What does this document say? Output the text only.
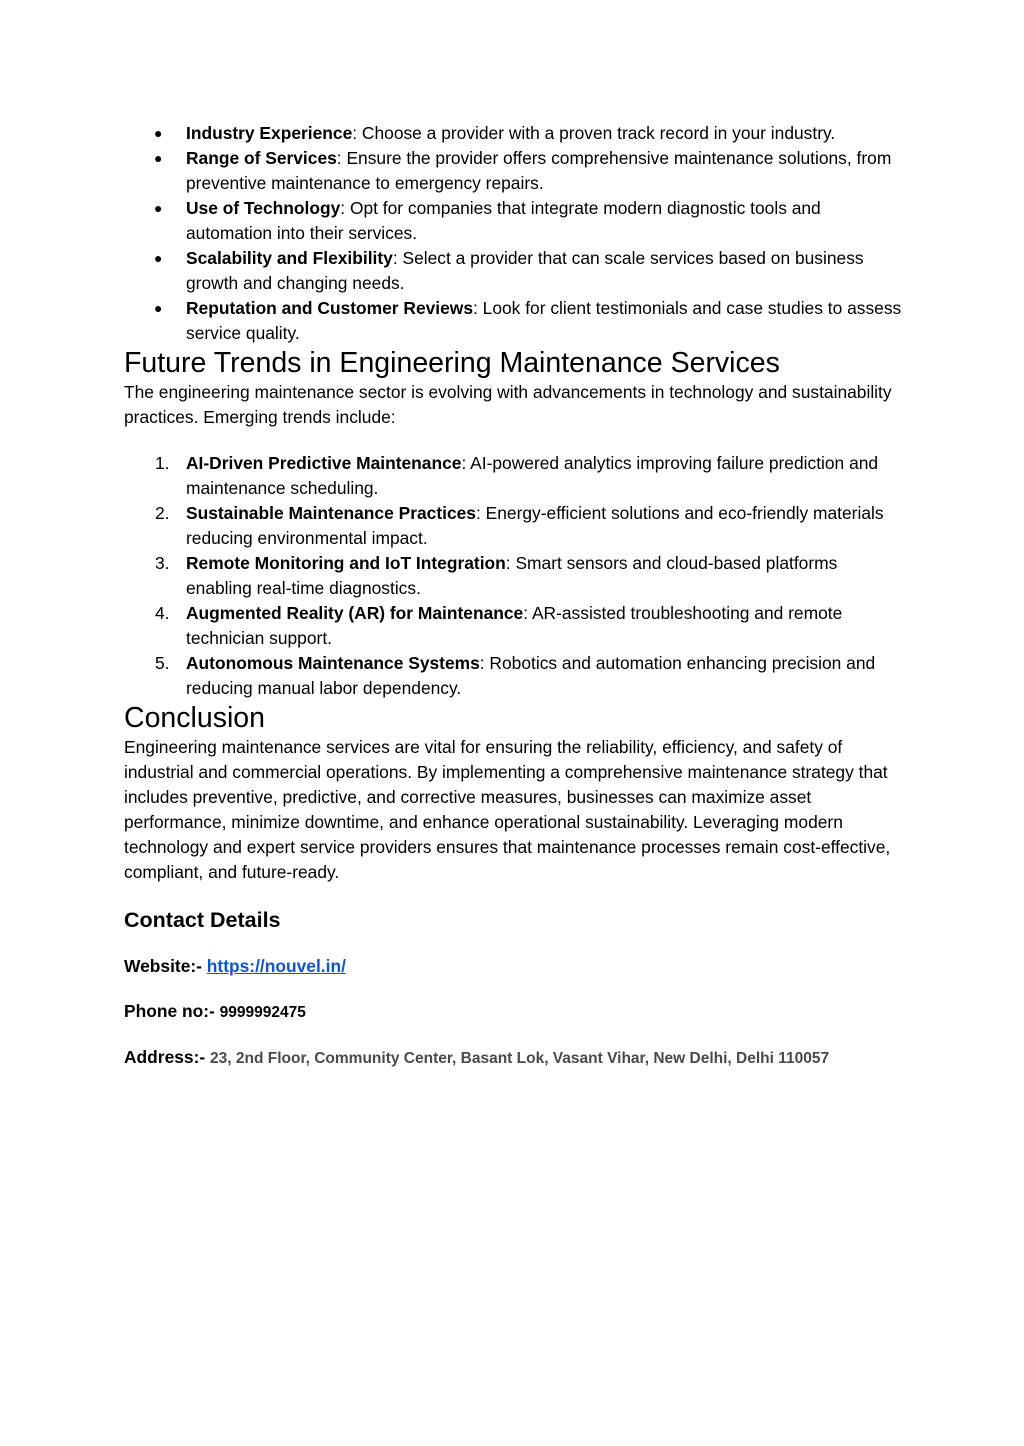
● Industry Experience: Choose a provider with a proven track record in your industry.
● Range of Services: Ensure the provider offers comprehensive maintenance solutions, from preventive maintenance to emergency repairs.
● Use of Technology: Opt for companies that integrate modern diagnostic tools and automation into their services.
● Scalability and Flexibility: Select a provider that can scale services based on business growth and changing needs.
● Reputation and Customer Reviews: Look for client testimonials and case studies to assess service quality.
Future Trends in Engineering Maintenance Services

The engineering maintenance sector is evolving with advancements in technology and sustainability practices. Emerging trends include:

1. AI-Driven Predictive Maintenance: AI-powered analytics improving failure prediction and maintenance scheduling.
2. Sustainable Maintenance Practices: Energy-efficient solutions and eco-friendly materials reducing environmental impact.
3. Remote Monitoring and IoT Integration: Smart sensors and cloud-based platforms enabling real-time diagnostics.
4. Augmented Reality (AR) for Maintenance: AR-assisted troubleshooting and remote technician support.
5. Autonomous Maintenance Systems: Robotics and automation enhancing precision and reducing manual labor dependency.
Conclusion

Engineering maintenance services are vital for ensuring the reliability, efficiency, and safety of industrial and commercial operations. By implementing a comprehensive maintenance strategy that includes preventive, predictive, and corrective measures, businesses can maximize asset performance, minimize downtime, and enhance operational sustainability. Leveraging modern technology and expert service providers ensures that maintenance processes remain cost-effective, compliant, and future-ready.

Contact Details

Website:- https://nouvel.in/

Phone no:- 9999992475

Address:- 23, 2nd Floor, Community Center, Basant Lok, Vasant Vihar, New Delhi, Delhi 110057
